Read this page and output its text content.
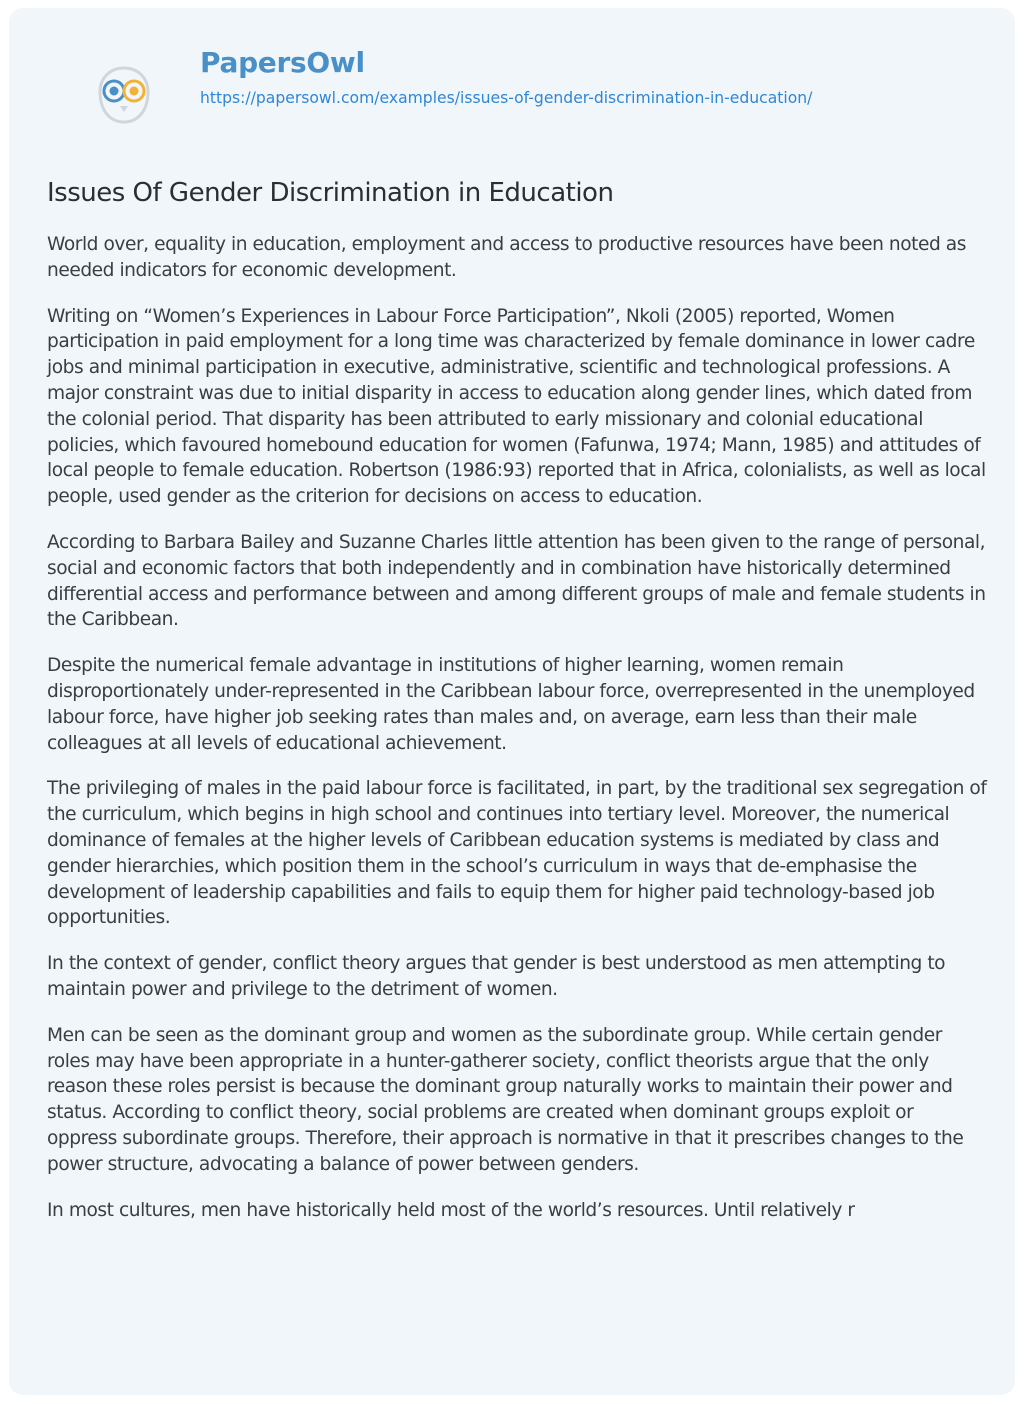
PapersOwl
https://papersowl.com/examples/issues-of-gender-discrimination-in-education/
Issues Of Gender Discrimination in Education

World over, equality in education, employment and access to productive resources have been noted as needed indicators for economic development.

Writing on “Women’s Experiences in Labour Force Participation”, Nkoli (2005) reported, Women participation in paid employment for a long time was characterized by female dominance in lower cadre jobs and minimal participation in executive, administrative, scientific and technological professions. A major constraint was due to initial disparity in access to education along gender lines, which dated from the colonial period. That disparity has been attributed to early missionary and colonial educational policies, which favoured homebound education for women (Fafunwa, 1974; Mann, 1985) and attitudes of local people to female education. Robertson (1986:93) reported that in Africa, colonialists, as well as local people, used gender as the criterion for decisions on access to education.

According to Barbara Bailey and Suzanne Charles little attention has been given to the range of personal, social and economic factors that both independently and in combination have historically determined differential access and performance between and among different groups of male and female students in the Caribbean.

Despite the numerical female advantage in institutions of higher learning, women remain disproportionately under-represented in the Caribbean labour force, overrepresented in the unemployed labour force, have higher job seeking rates than males and, on average, earn less than their male colleagues at all levels of educational achievement.

The privileging of males in the paid labour force is facilitated, in part, by the traditional sex segregation of the curriculum, which begins in high school and continues into tertiary level. Moreover, the numerical dominance of females at the higher levels of Caribbean education systems is mediated by class and gender hierarchies, which position them in the school’s curriculum in ways that de-emphasise the development of leadership capabilities and fails to equip them for higher paid technology-based job opportunities.

In the context of gender, conflict theory argues that gender is best understood as men attempting to maintain power and privilege to the detriment of women.

Men can be seen as the dominant group and women as the subordinate group. While certain gender roles may have been appropriate in a hunter-gatherer society, conflict theorists argue that the only reason these roles persist is because the dominant group naturally works to maintain their power and status. According to conflict theory, social problems are created when dominant groups exploit or oppress subordinate groups. Therefore, their approach is normative in that it prescribes changes to the power structure, advocating a balance of power between genders.

In most cultures, men have historically held most of the world’s resources. Until relatively r
